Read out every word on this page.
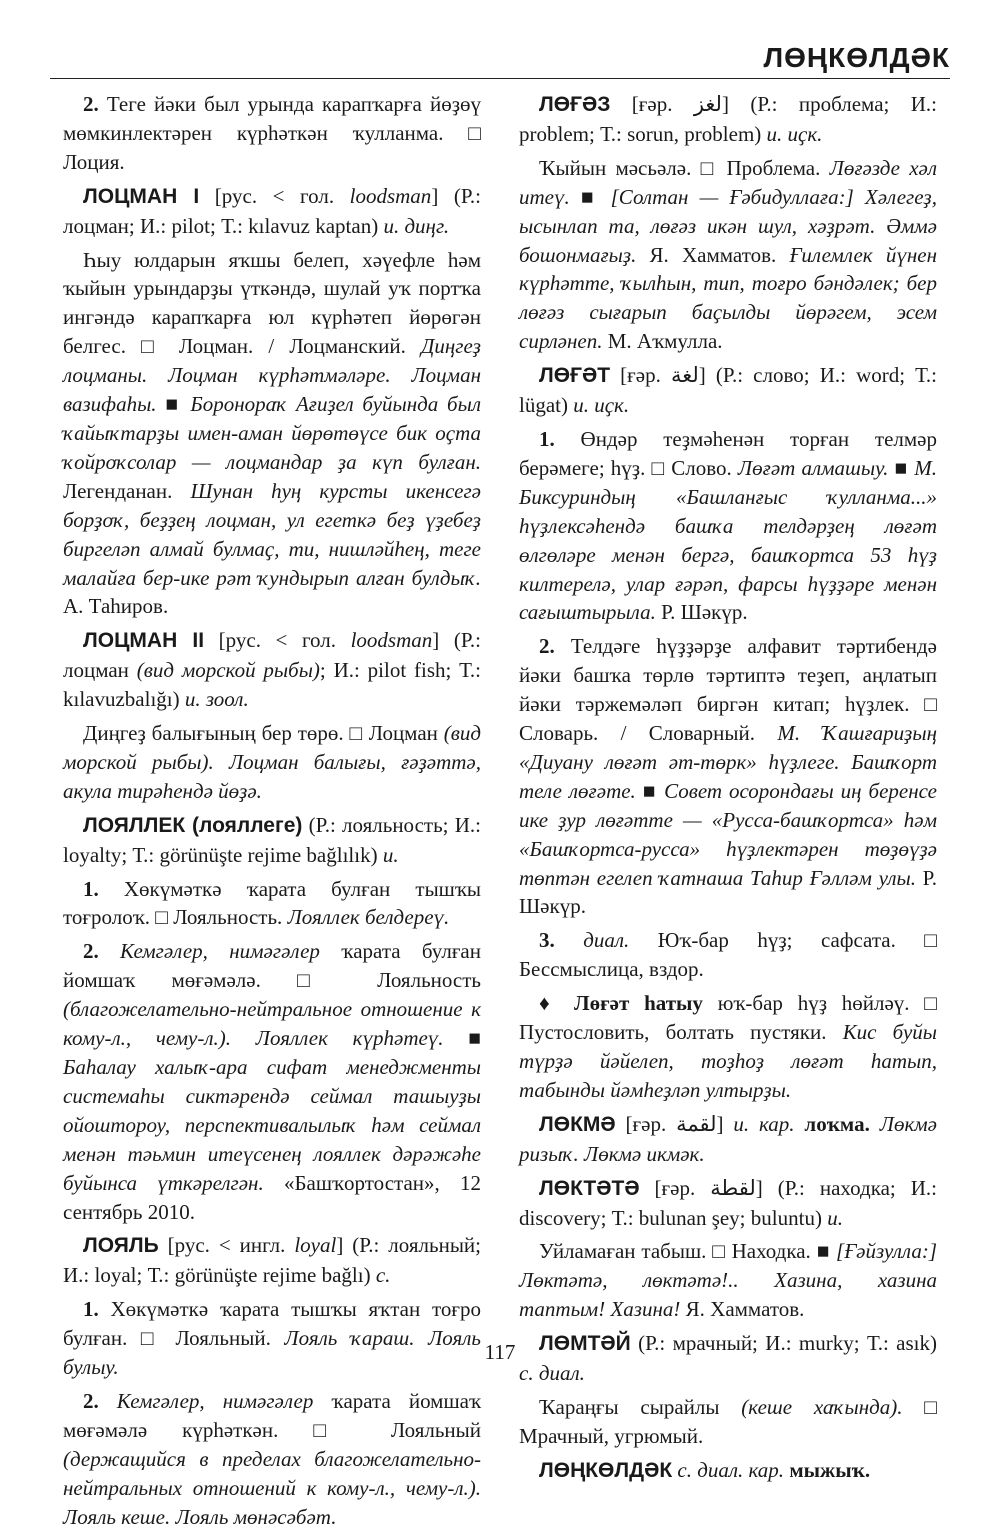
ЛӨҢКӨЛДӘК

2. Теге йәки был урында карапҡарға йөҙөү мөмкинлектәрен күрһәткән ҡулланма. □ Лоция.

ЛОЦМАН I [рус. < гол. loodsman] (Р.: лоцман; И.: pilot; Т.: kılavuz kaptan) и. диңг.

Һыу юлдарын яҡшы белеп, хәүефле һәм ҡыйын урындарҙы үткәндә, шулай уҡ портҡа ингәндә карапҡарға юл күрһәтеп йөрөгән белгес. □ Лоцман. / Лоцманский. Диңгеҙ лоцманы. Лоцман күрһәтмәләре. Лоцман вазифаһы. ■ Боронораҡ Ағиҙел буйында был ҡайыҡтарҙы имен-аман йөрөтөүсе бик оҫта ҡойроҡсолар — лоцмандар ҙа күп булған. Легенданан. Шунан һуң курсты икенсегә борҙоҡ, беҙҙең лоцман, ул егеткә беҙ үҙебеҙ биргеләп алмай булмаҫ, ти, нишләйһең, теге малайға бер-ике рәт ҡундырып алған булдыҡ. А. Таһиров.

ЛОЦМАН II [рус. < гол. loodsman] (Р.: лоцман (вид морской рыбы); И.: pilot fish; Т.: kılavuzbalığı) и. зоол.

Диңгеҙ балығының бер төрө. □ Лоцман (вид морской рыбы). Лоцман балығы, ғәҙәттә, акула тирәһендә йөҙә.

ЛОЯЛЛЕК (лояллеге) (Р.: лояльность; И.: loyalty; Т.: görünüşte rejime bağlılık) и.

1. Хөкүмәткә ҡарата булған тышҡы тоғролоҡ. □ Лояльность. Лояллек белдереү.

2. Кемгәлер, нимәгәлер ҡарата булған йомшаҡ мөғәмәлә. □ Лояльность (благожелательно-нейтральное отношение к кому-л., чему-л.). Лояллек күрһәтеү. ■ Баһалау халыҡ-ара сифат менеджменты системаһы сиктәрендә сеймал ташыуҙы ойоштороу, перспективалылыҡ һәм сеймал менән тәьмин итеүсенең лояллек дәрәжәһе буйынса үткәрелгән. «Башҡортостан», 12 сентябрь 2010.

ЛОЯЛЬ [рус. < ингл. loyal] (Р.: лояльный; И.: loyal; Т.: görünüşte rejime bağlı) с.

1. Хөкүмәткә ҡарата тышҡы яҡтан тоғро булған. □ Лояльный. Лояль ҡараш. Лояль булыу.

2. Кемгәлер, нимәгәлер ҡарата йомшаҡ мөғәмәлә күрһәткән. □ Лояльный (держащийся в пределах благожелательно-нейтральных отношений к кому-л., чему-л.). Лояль кеше. Лояль мөнәсәбәт.

ЛӨҒӘЗ [ғәр. لغز] (Р.: проблема; И.: problem; Т.: sorun, problem) и. иҫк.

Ҡыйын мәсьәлә. □ Проблема. Лөғәзде хәл итеү. ■ [Солтан — Ғәбидуллаға:] Хәлегеҙ, ысынлап та, лөғәз икән шул, хәҙрәт. Әммә бошонмағыҙ. Я. Хамматов. Ғилемлек йүнен күрһәтте, ҡылһын, тип, тоғро бәндәлек; бер лөғәз сығарып баҫылды йөрәгем, эсем сирләнеп. М. Аҡмулла.

ЛӨҒӘТ [ғәр. لغة] (Р.: слово; И.: word; Т.: lügat) и. иҫк.

1. Өндәр теҙмәһенән торған телмәр берәмеге; һүҙ. □ Слово. Лөғәт алмашыу. ■ М. Биксуриндың «Башланғыс ҡулланма...» һүҙлексәһендә башҡа телдәрҙең лөғәт өлгөләре менән бергә, башҡортса 53 һүҙ килтерелә, улар ғәрәп, фарсы һүҙҙәре менән сағыштырыла. Р. Шәкүр.

2. Телдәге һүҙҙәрҙе алфавит тәртибендә йәки башҡа төрлө тәртиптә теҙеп, аңлатып йәки тәржемәләп биргән китап; һүҙлек. □ Словарь. / Словарный. М. Ҡашғариҙың «Диуану лөғәт әт-төрк» һүҙлеге. Башҡорт теле лөғәте. ■ Совет осорондағы иң беренсе ике ҙур лөғәтте — «Русса-башҡортса» һәм «Башҡортса-русса» һүҙлектәрен төҙөүҙә төптән егелеп ҡатнаша Таһир Ғәлләм улы. Р. Шәкүр.

3. диал. Юҡ-бар һүҙ; сафсата. □ Бессмыслица, вздор.

♦ Лөғәт һатыу юҡ-бар һүҙ һөйләү. □ Пустословить, болтать пустяки. Кис буйы түрҙә йәйелеп, тоҙһоҙ лөғәт һатып, табынды йәмһеҙләп ултырҙы.

ЛӨКМӘ [ғәр. لقمة] и. кар. лоҡма. Лөкмә ризыҡ. Лөкмә икмәк.

ЛӨКТӘТӘ [ғәр. لقطة] (Р.: находка; И.: discovery; Т.: bulunan şey; buluntu) и.

Уйламаған табыш. □ Находка. ■ [Ғәйзулла:] Лөктәтә, лөктәтә!.. Хазина, хазина таптым! Хазина! Я. Хамматов.

ЛӨМТӘЙ (Р.: мрачный; И.: murky; Т.: asık) с. диал.

Ҡараңғы сырайлы (кеше хаҡында). □ Мрачный, угрюмый.

ЛӨҢКӨЛДӘК с. диал. кар. мыжыҡ.

117
